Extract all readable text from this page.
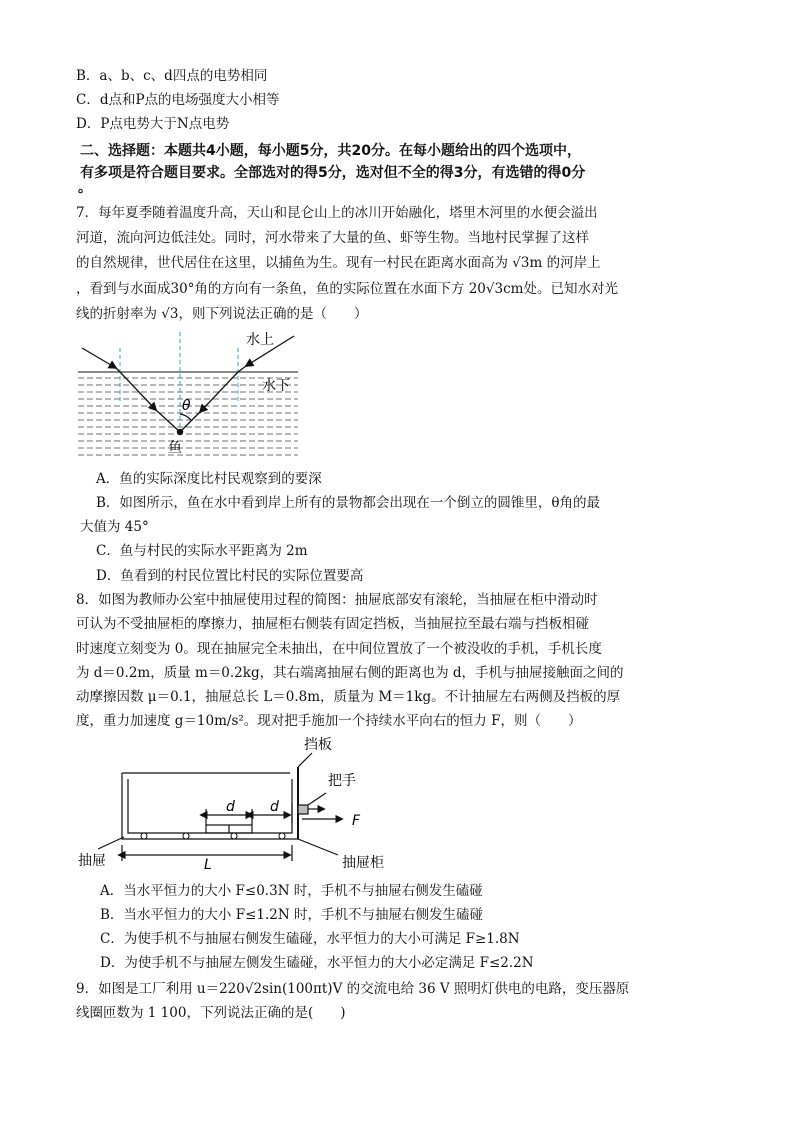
B．a、b、c、d四点的电势相同
C．d点和P点的电场强度大小相等
D．P点电势大于N点电势
二、选择题：本题共4小题，每小题5分，共20分。在每小题给出的四个选项中，
有多项是符合题目要求。全部选对的得5分，选对但不全的得3分，有选错的得0分
。
7．每年夏季随着温度升高，天山和昆仑山上的冰川开始融化，塔里木河里的水便会溢出
河道，流向河边低洼处。同时，河水带来了大量的鱼、虾等生物。当地村民掌握了这样
的自然规律，世代居住在这里，以捕鱼为生。现有一村民在距离水面高为 √3m 的河岸上
，看到与水面成30°角的方向有一条鱼，鱼的实际位置在水面下方 20√3cm处。已知水对光
线的折射率为 √3，则下列说法正确的是（　　）
水上
水下
θ
鱼
A．鱼的实际深度比村民观察到的要深
B．如图所示，鱼在水中看到岸上所有的景物都会出现在一个倒立的圆锥里，θ角的最
大值为 45°
C．鱼与村民的实际水平距离为 2m
D．鱼看到的村民位置比村民的实际位置要高
8．如图为教师办公室中抽屉使用过程的简图：抽屉底部安有滚轮，当抽屉在柜中滑动时
可认为不受抽屉柜的摩擦力，抽屉柜右侧装有固定挡板，当抽屉拉至最右端与挡板相碰
时速度立刻变为 0。现在抽屉完全未抽出，在中间位置放了一个被没收的手机，手机长度
为 d＝0.2m，质量 m＝0.2kg，其右端离抽屉右侧的距离也为 d，手机与抽屉接触面之间的
动摩擦因数 μ＝0.1，抽屉总长 L＝0.8m，质量为 M＝1kg。不计抽屉左右两侧及挡板的厚
度，重力加速度 g＝10m/s²。现对把手施加一个持续水平向右的恒力 F，则（　　）
挡板
把手
F
抽屉	抽屉柜
L
d	d
A．当水平恒力的大小 F≤0.3N 时，手机不与抽屉右侧发生磕碰
B．当水平恒力的大小 F≤1.2N 时，手机不与抽屉右侧发生磕碰
C．为使手机不与抽屉右侧发生磕碰，水平恒力的大小可满足 F≥1.8N
D．为使手机不与抽屉左侧发生磕碰，水平恒力的大小必定满足 F≤2.2N
9．如图是工厂利用 u＝220√2sin(100πt)V 的交流电给 36 V 照明灯供电的电路，变压器原
线圈匝数为 1 100，下列说法正确的是(　　)
